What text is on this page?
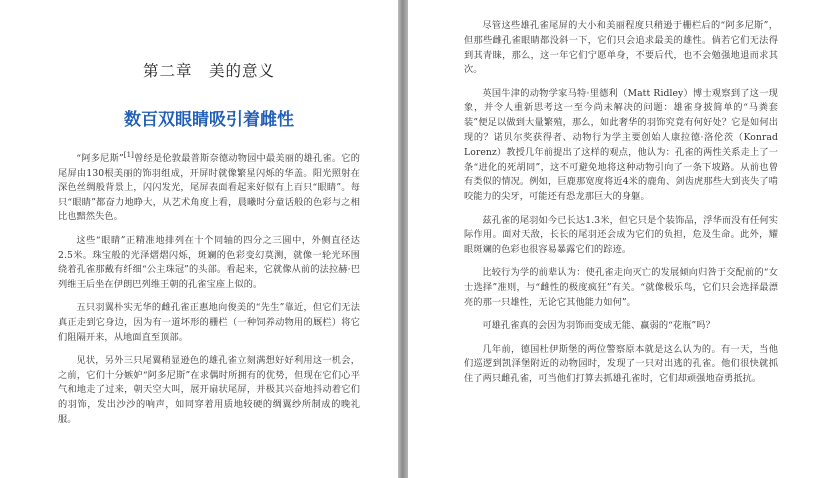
第二章　美的意义
数百双眼睛吸引着雌性

“阿多尼斯”[1]曾经是伦敦最普斯奈德动物园中最美丽的雄孔雀。它的尾屏由130根美丽的饰羽组成，开屏时就像繁星闪烁的华盖。阳光照射在深色丝绸般背景上，闪闪发光，尾屏表面看起来好似有上百只“眼睛”。每只“眼睛”都奋力地睁大，从艺术角度上看，晨曦时分童话般的色彩与之相比也黯然失色。

这些“眼睛”正精准地排列在十个同轴的四分之三圆中，外侧直径达2.5米。珠宝般的光泽熠熠闪烁，斑斓的色彩变幻莫测，就像一轮光环围绕着孔雀那戴有纤细“公主珠冠”的头部。看起来，它就像从前的法拉赫·巴列维王后坐在伊朗巴列维王朝的孔雀宝座上似的。

五只羽翼朴实无华的雌孔雀正惠地向俊美的“先生”靠近，但它们无法真正走到它身边，因为有一道坏形的栅栏（一种饲养动物用的厩栏）将它们阻隔开来，从地面直至顶部。

见状，另外三只尾翼稍显逊色的雄孔雀立刻满想好好利用这一机会，之前，它们十分嫉妒“阿多尼斯”在求偶时所拥有的优势，但现在它们心平气和地走了过来，朝天空大叫，展开扇状尾屏，并极其兴奋地抖动着它们的羽饰，发出沙沙的响声，如同穿着用质地较硬的绸翼纱所制成的晚礼服。

尽管这些雄孔雀尾屏的大小和美丽程度只稍逊于栅栏后的“阿多尼斯”，但那些雌孔雀眼睛都没斜一下，它们只会追求最美的雄性。倘若它们无法得到其青睐，那么，这一年它们宁愿单身，不要后代，也不会勉强地退而求其次。

英国牛津的动物学家马特·里德利（Matt Ridley）博士观察到了这一现象，并令人重新思考这一至今尚未解决的问题：雄雀身披简单的“马粪套装”便足以做到大量繁殖，那么，如此奢华的羽饰究竟有何好处？它是如何出现的？诺贝尔奖获得者、动物行为学主要创始人康拉德·洛伦茨（Konrad Lorenz）教授几年前提出了这样的观点，他认为：孔雀的两性关系走上了一条“进化的死胡同”，这不可避免地将这种动物引向了一条下坡路。从前也曾有类似的情况。例如，巨鹿那宽度将近4米的鹿角、剑齿虎那些大到丧失了啃咬能力的尖牙，可能还有恐龙那巨大的身躯。

兹孔雀的尾羽如今已长达1.3米，但它只是个装饰品，浮华而没有任何实际作用。面对天敌，长长的尾羽还会成为它们的负担，危及生命。此外，耀眼斑斓的色彩也很容易暴露它们的踪迹。

比较行为学的前辈认为：使孔雀走向灭亡的发展倾向归咎于交配前的“女士选择”准则，与“雌性的极度疯狂”有关。“就像极乐鸟，它们只会选择最漂亮的那一只雄性，无论它其他能力如何”。

可雄孔雀真的会因为羽饰而变成无能、赢弱的“花瓶”吗？

几年前，德国杜伊斯堡的两位警察原本就是这么认为的。有一天，当他们巡逻到凯泽堡附近的动物园时，发现了一只对出逃的孔雀。他们很快就抓住了两只雌孔雀，可当他们打算去抓雄孔雀时，它们却顽强地奋勇抵抗。
